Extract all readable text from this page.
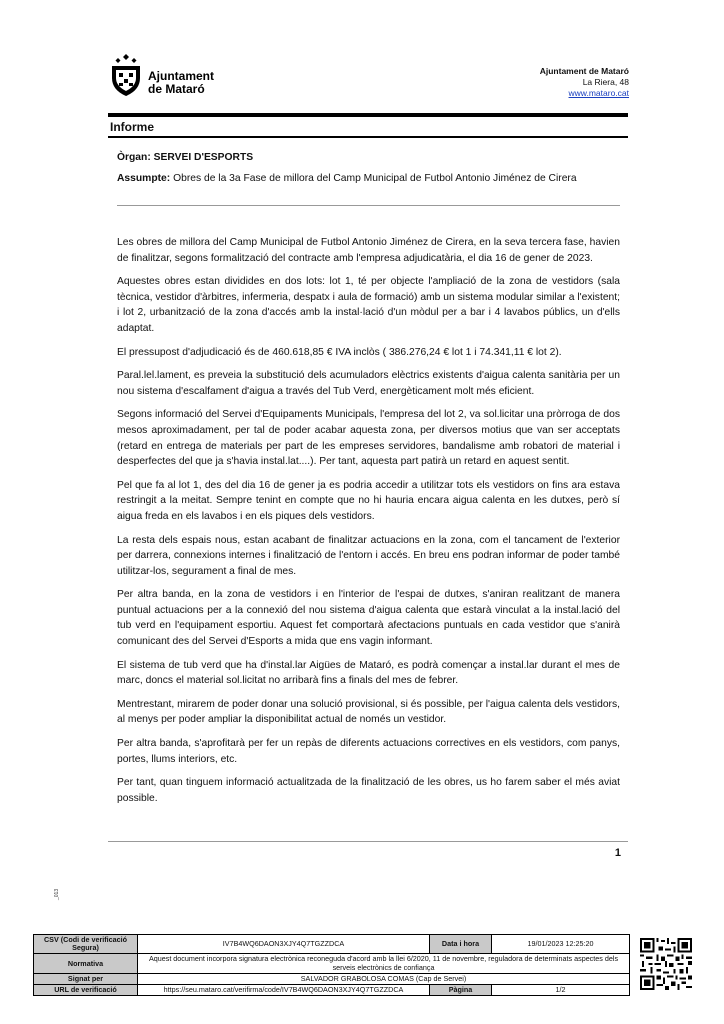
Ajuntament
de Mataró
Ajuntament de Mataró
La Riera, 48
www.mataro.cat
Informe
Òrgan: SERVEI D'ESPORTS
Assumpte: Obres de la 3a Fase de millora del Camp Municipal de Futbol Antonio Jiménez de Cirera

Les obres de millora del Camp Municipal de Futbol Antonio Jiménez de Cirera, en la seva tercera fase, havien de finalitzar, segons formalització del contracte amb l'empresa adjudicatària, el dia 16 de gener de 2023.

Aquestes obres estan dividides en dos lots: lot 1, té per objecte l'ampliació de la zona de vestidors (sala tècnica, vestidor d'àrbitres, infermeria, despatx i aula de formació) amb un sistema modular similar a l'existent; i lot 2, urbanització de la zona d'accés amb la instal·lació d'un mòdul per a bar i 4 lavabos públics, un d'ells adaptat.

El pressupost d'adjudicació és de 460.618,85 € IVA inclòs ( 386.276,24 € lot 1 i 74.341,11 € lot 2).

Paral.lel.lament, es preveia la substitució dels acumuladors elèctrics existents d'aigua calenta sanitària per un nou sistema d'escalfament d'aigua a través del Tub Verd, energèticament molt més eficient.

Segons informació del Servei d'Equipaments Municipals, l'empresa del lot 2, va sol.licitar una pròrroga de dos mesos aproximadament, per tal de poder acabar aquesta zona, per diversos motius que van ser acceptats (retard en entrega de materials per part de les empreses servidores, bandalisme amb robatori de material i desperfectes del que ja s'havia instal.lat....). Per tant, aquesta part patirà un retard en aquest sentit.

Pel que fa al lot 1, des del dia 16 de gener ja es podria accedir a utilitzar tots els vestidors on fins ara estava restringit a la meitat. Sempre tenint en compte que no hi hauria encara aigua calenta en les dutxes, però sí aigua freda en els lavabos i en els piques dels vestidors.

La resta dels espais nous, estan acabant de finalitzar actuacions en la zona, com el tancament de l'exterior per darrera, connexions internes i finalització de l'entorn i accés. En breu ens podran informar de poder també utilitzar-los, segurament a final de mes.

Per altra banda, en la zona de vestidors i en l'interior de l'espai de dutxes, s'aniran realitzant de manera puntual actuacions per a la connexió del nou sistema d'aigua calenta que estarà vinculat a la instal.lació del tub verd en l'equipament esportiu. Aquest fet comportarà afectacions puntuals en cada vestidor que s'anirà comunicant des del Servei d'Esports a mida que ens vagin informant.

El sistema de tub verd que ha d'instal.lar Aigües de Mataró, es podrà començar a instal.lar durant el mes de marc, doncs el material sol.licitat no arribarà fins a finals del mes de febrer.

Mentrestant, mirarem de poder donar una solució provisional, si és possible, per l'aigua calenta dels vestidors, al menys per poder ampliar la disponibilitat actual de només un vestidor.

Per altra banda, s'aprofitarà per fer un repàs de diferents actuacions correctives en els vestidors, com panys, portes, llums interiors, etc.

Per tant, quan tinguem informació actualitzada de la finalització de les obres, us ho farem saber el més aviat possible.

1
_013
CSV (Codi de verificació Segura)	IV7B4WQ6DAON3XJY4Q7TGZZDCA	Data i hora	19/01/2023 12:25:20
Normativa	Aquest document incorpora signatura electrònica reconeguda d'acord amb la llei 6/2020, 11 de novembre, reguladora de determinats aspectes dels serveis electrònics de confiança		
Signat per	SALVADOR GRABOLOSA COMAS (Cap de Servei)		
URL de verificació	https://seu.mataro.cat/verifirma/code/IV7B4WQ6DAON3XJY4Q7TGZZDCA	Pàgina	1/2
